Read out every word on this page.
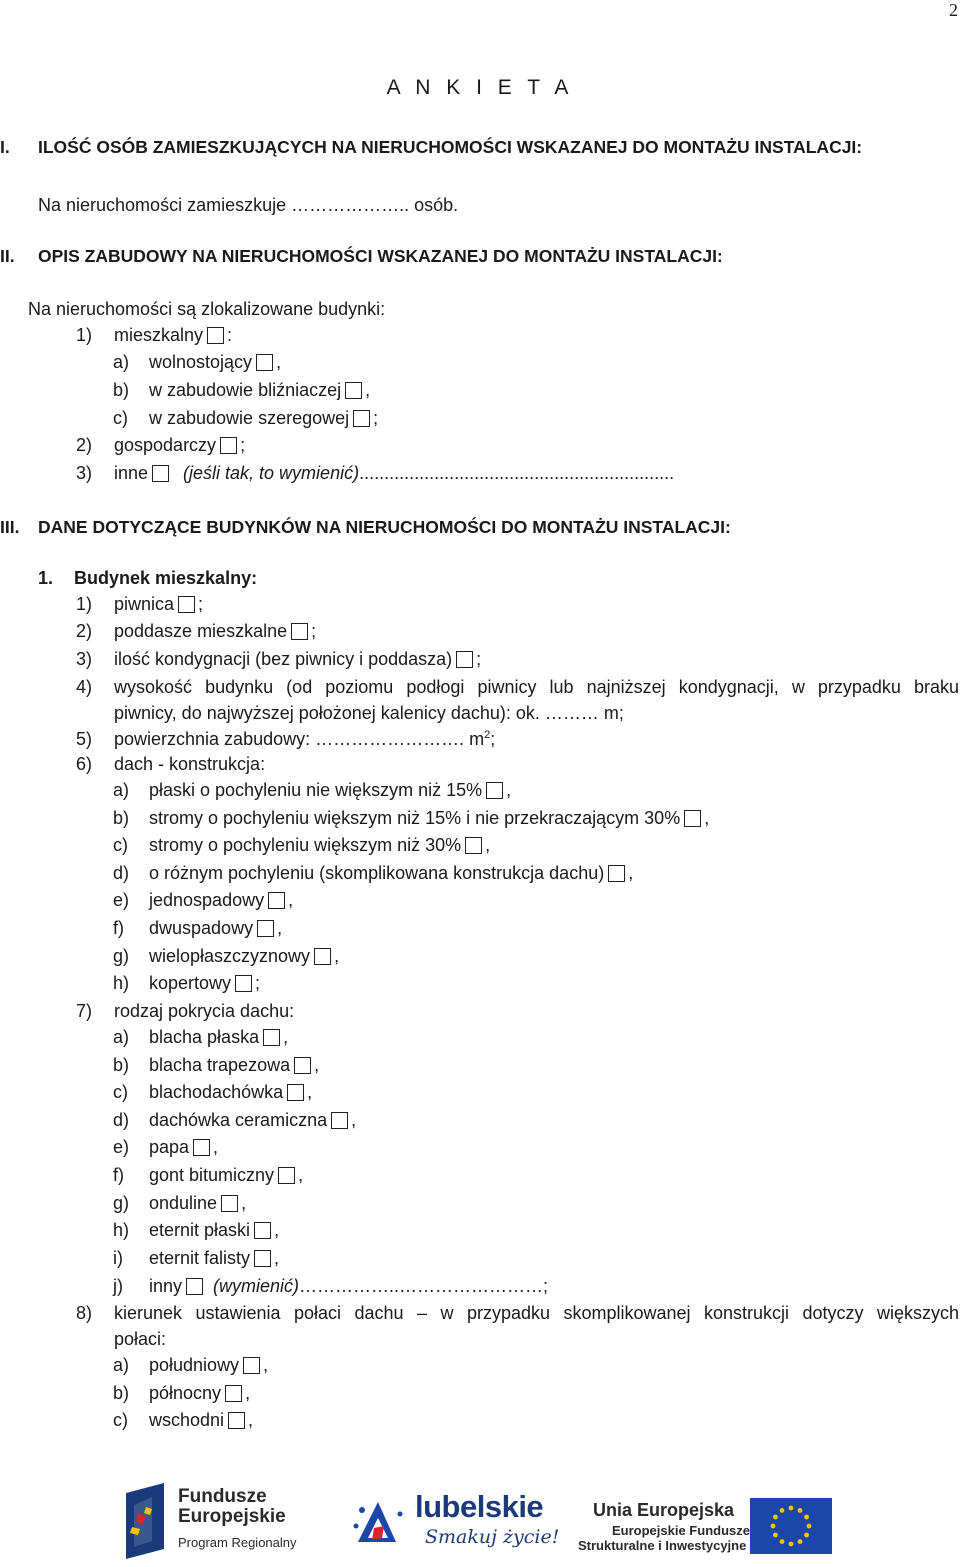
2
A N K I E T A
I. ILOŚĆ OSÓB ZAMIESZKUJĄCYCH NA NIERUCHOMOŚCI WSKAZANEJ DO MONTAŻU INSTALACJI:
Na nieruchomości zamieszkuje ……………….. osób.
II. OPIS ZABUDOWY NA NIERUCHOMOŚCI WSKAZANEJ DO MONTAŻU INSTALACJI:
Na nieruchomości są zlokalizowane budynki:
1) mieszkalny :
a) wolnostojący ,
b) w zabudowie bliźniaczej ,
c) w zabudowie szeregowej ;
2) gospodarczy ;
3) inne (jeśli tak, to wymienić)...............................................................
III. DANE DOTYCZĄCE BUDYNKÓW NA NIERUCHOMOŚCI DO MONTAŻU INSTALACJI:
1. Budynek mieszkalny:
1) piwnica ;
2) poddasze mieszkalne ;
3) ilość kondygnacji (bez piwnicy i poddasza) ;
4) wysokość budynku (od poziomu podłogi piwnicy lub najniższej kondygnacji, w przypadku braku
piwnicy, do najwyższej położonej kalenicy dachu): ok. ……… m;
5) powierzchnia zabudowy: ……………………. $m^2$;
6) dach - konstrukcja:
a) płaski o pochyleniu nie większym niż 15% ,
b) stromy o pochyleniu większym niż 15% i nie przekraczającym 30% ,
c) stromy o pochyleniu większym niż 30% ,
d) o różnym pochyleniu (skomplikowana konstrukcja dachu) ,
e) jednospadowy ,
f) dwuspadowy ,
g) wielopłaszczyznowy ,
h) kopertowy ;
7) rodzaj pokrycia dachu:
a) blacha płaska ,
b) blacha trapezowa ,
c) blachodachówka ,
d) dachówka ceramiczna ,
e) papa ,
f) gont bitumiczny ,
g) onduline ,
h) eternit płaski ,
i) eternit falisty ,
j) inny (wymienić)……………..……………………;
8) kierunek ustawienia połaci dachu – w przypadku skomplikowanej konstrukcji dotyczy większych
połaci:
a) południowy ,
b) północny ,
c) wschodni ,
Fundusze
Europejskie
Program Regionalny
lubelskie
Smakuj życie!
Unia Europejska
Europejskie Fundusze
Strukturalne i Inwestycyjne
